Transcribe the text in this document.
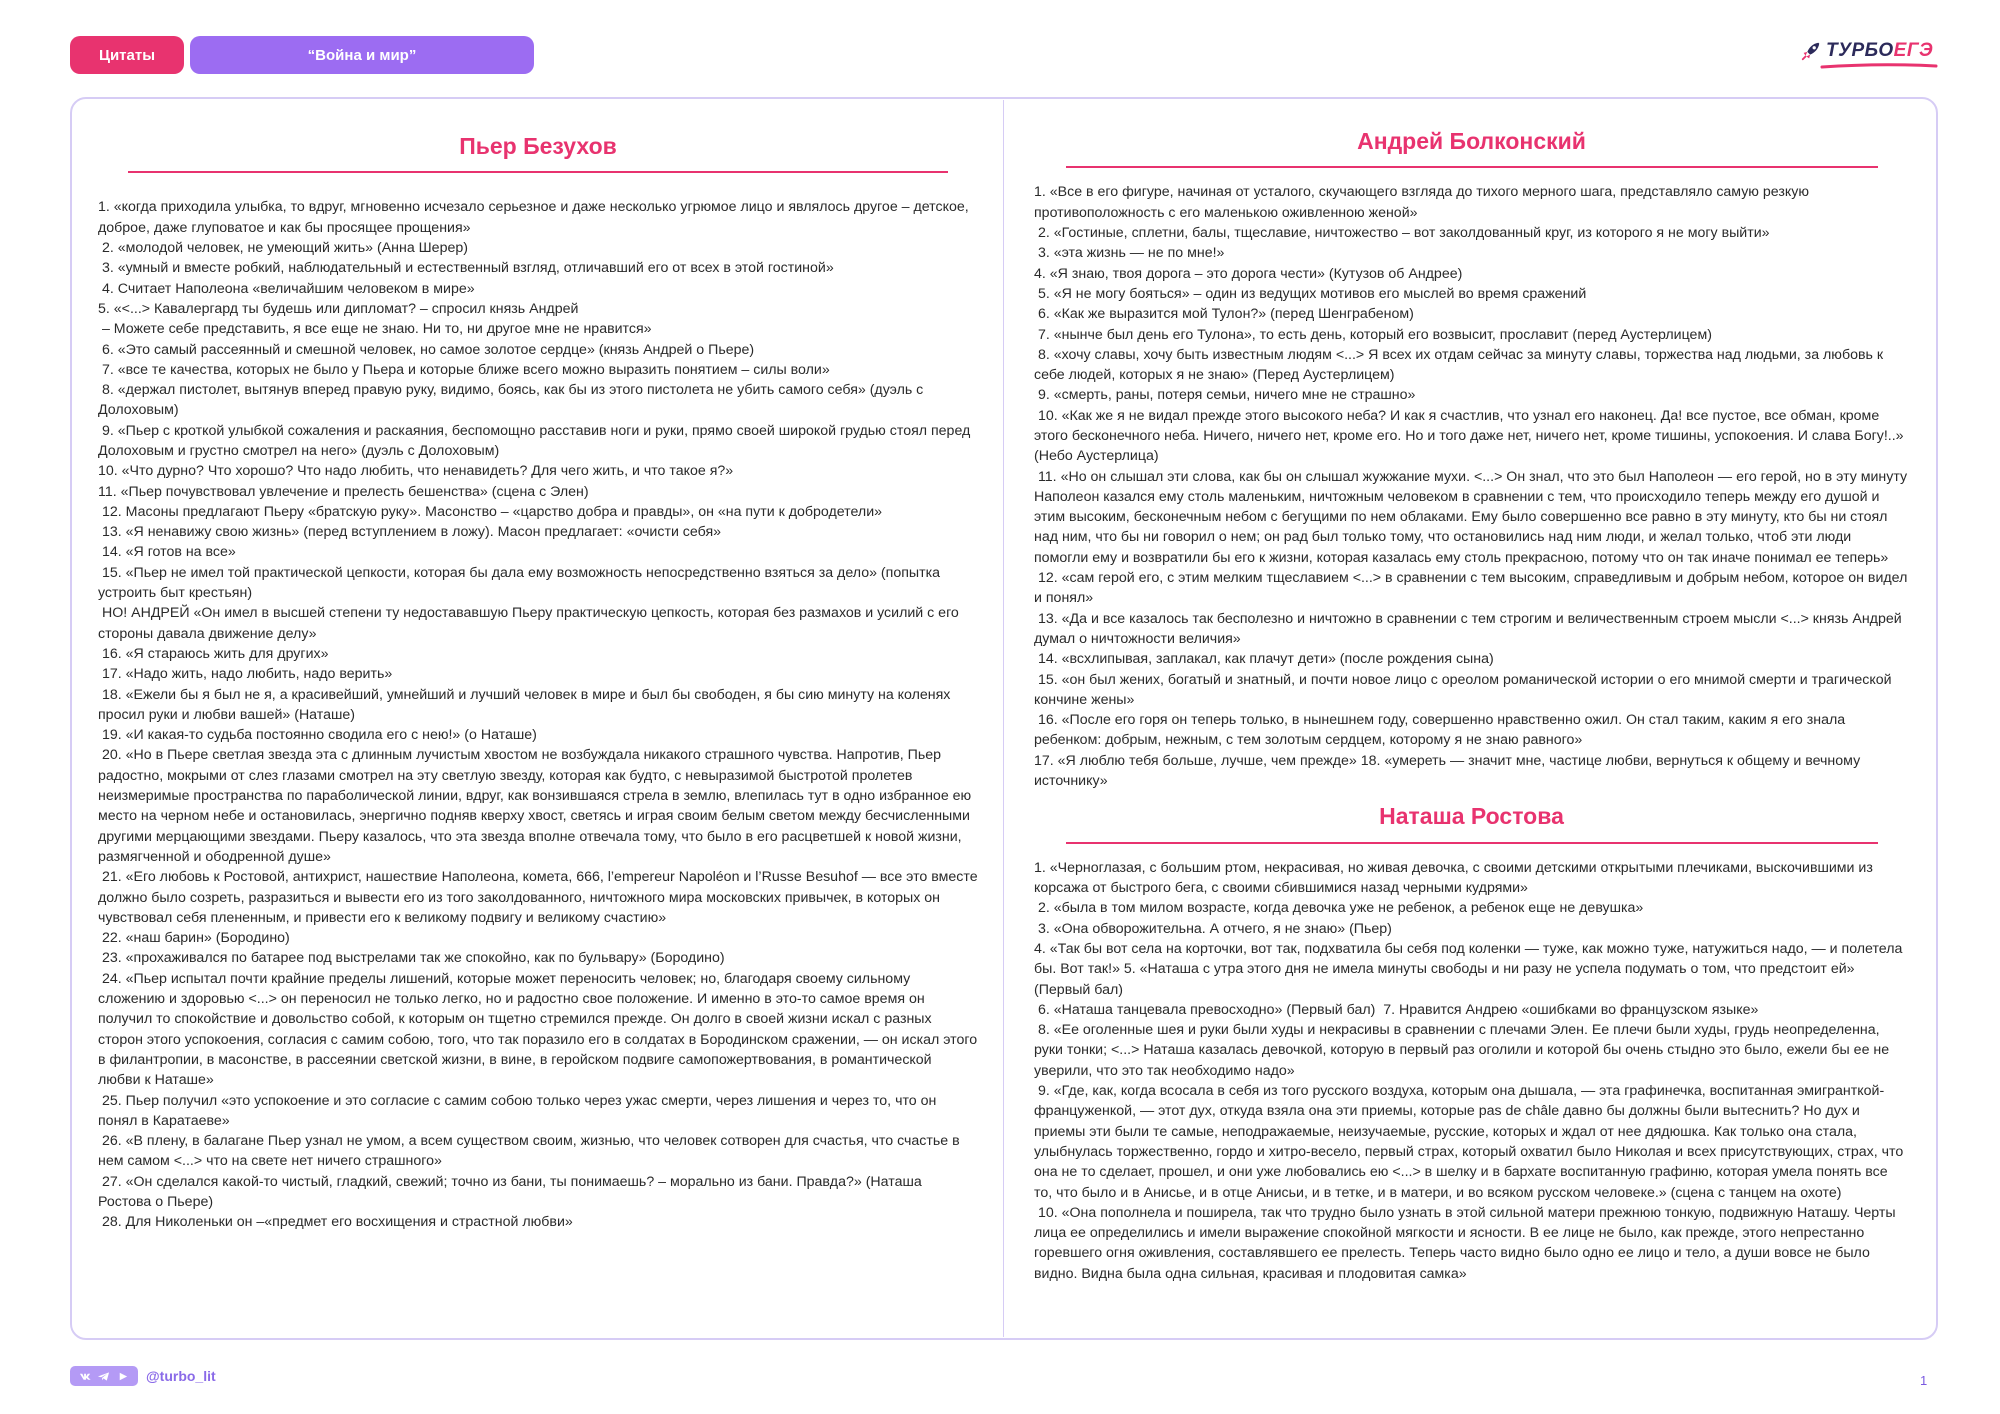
Цитаты	“Война и мир”	ТУРБОЕГЭ
Пьер Безухов
1. «когда приходила улыбка, то вдруг, мгновенно исчезало серьезное и даже несколько угрюмое лицо и являлось другое – детское, доброе, даже глуповатое и как бы просящее прощения»
2. «молодой человек, не умеющий жить» (Анна Шерер)
3. «умный и вместе робкий, наблюдательный и естественный взгляд, отличавший его от всех в этой гостиной»
4. Считает Наполеона «величайшим человеком в мире»
5. «<...> Кавалергард ты будешь или дипломат? – спросил князь Андрей
– Можете себе представить, я все еще не знаю. Ни то, ни другое мне не нравится»
6. «Это самый рассеянный и смешной человек, но самое золотое сердце» (князь Андрей о Пьере)
7. «все те качества, которых не было у Пьера и которые ближе всего можно выразить понятием – силы воли»
8. «держал пистолет, вытянув вперед правую руку, видимо, боясь, как бы из этого пистолета не убить самого себя» (дуэль с Долоховым)
9. «Пьер с кроткой улыбкой сожаления и раскаяния, беспомощно расставив ноги и руки, прямо своей широкой грудью стоял перед Долоховым и грустно смотрел на него» (дуэль с Долоховым)
10. «Что дурно? Что хорошо? Что надо любить, что ненавидеть? Для чего жить, и что такое я?»
11. «Пьер почувствовал увлечение и прелесть бешенства» (сцена с Элен)
12. Масоны предлагают Пьеру «братскую руку». Масонство – «царство добра и правды», он «на пути к добродетели»
13. «Я ненавижу свою жизнь» (перед вступлением в ложу). Масон предлагает: «очисти себя»
14. «Я готов на все»
15. «Пьер не имел той практической цепкости, которая бы дала ему возможность непосредственно взяться за дело» (попытка устроить быт крестьян)
НО! АНДРЕЙ «Он имел в высшей степени ту недостававшую Пьеру практическую цепкость, которая без размахов и усилий с его стороны давала движение делу»
16. «Я стараюсь жить для других»
17. «Надо жить, надо любить, надо верить»
18. «Ежели бы я был не я, а красивейший, умнейший и лучший человек в мире и был бы свободен, я бы сию минуту на коленях просил руки и любви вашей» (Наташе)
19. «И какая-то судьба постоянно сводила его с нею!» (о Наташе)
20. «Но в Пьере светлая звезда эта с длинным лучистым хвостом не возбуждала никакого страшного чувства. Напротив, Пьер радостно, мокрыми от слез глазами смотрел на эту светлую звезду, которая как будто, с невыразимой быстротой пролетев неизмеримые пространства по параболической линии, вдруг, как вонзившаяся стрела в землю, влепилась тут в одно избранное ею место на черном небе и остановилась, энергично подняв кверху хвост, светясь и играя своим белым светом между бесчисленными другими мерцающими звездами. Пьеру казалось, что эта звезда вполне отвечала тому, что было в его расцветшей к новой жизни, размягченной и ободренной душе»
21. «Его любовь к Ростовой, антихрист, нашествие Наполеона, комета, 666, l’empereur Napoléon и l’Russe Besuhof — все это вместе должно было созреть, разразиться и вывести его из того заколдованного, ничтожного мира московских привычек, в которых он чувствовал себя плененным, и привести его к великому подвигу и великому счастию»
22. «наш барин» (Бородино)
23. «прохаживался по батарее под выстрелами так же спокойно, как по бульвару» (Бородино)
24. «Пьер испытал почти крайние пределы лишений, которые может переносить человек; но, благодаря своему сильному сложению и здоровью <...> он переносил не только легко, но и радостно свое положение. И именно в это-то самое время он получил то спокойствие и довольство собой, к которым он тщетно стремился прежде. Он долго в своей жизни искал с разных сторон этого успокоения, согласия с самим собою, того, что так поразило его в солдатах в Бородинском сражении, — он искал этого в филантропии, в масонстве, в рассеянии светской жизни, в вине, в геройском подвиге самопожертвования, в романтической любви к Наташе»
25. Пьер получил «это успокоение и это согласие с самим собою только через ужас смерти, через лишения и через то, что он понял в Каратаеве»
26. «В плену, в балагане Пьер узнал не умом, а всем существом своим, жизнью, что человек сотворен для счастья, что счастье в нем самом <...> что на свете нет ничего страшного»
27. «Он сделался какой-то чистый, гладкий, свежий; точно из бани, ты понимаешь? – морально из бани. Правда?» (Наташа Ростова о Пьере)
28. Для Николеньки он –«предмет его восхищения и страстной любви»
Андрей Болконский
1. «Все в его фигуре, начиная от усталого, скучающего взгляда до тихого мерного шага, представляло самую резкую противоположность с его маленькою оживленною женой»
2. «Гостиные, сплетни, балы, тщеславие, ничтожество – вот заколдованный круг, из которого я не могу выйти»
3. «эта жизнь — не по мне!»
4. «Я знаю, твоя дорога – это дорога чести» (Кутузов об Андрее)
5. «Я не могу бояться» – один из ведущих мотивов его мыслей во время сражений
6. «Как же выразится мой Тулон?» (перед Шенграбеном)
7. «нынче был день его Тулона», то есть день, который его возвысит, прославит (перед Аустерлицем)
8. «хочу славы, хочу быть известным людям <...> Я всех их отдам сейчас за минуту славы, торжества над людьми, за любовь к себе людей, которых я не знаю» (Перед Аустерлицем)
9. «смерть, раны, потеря семьи, ничего мне не страшно»
10. «Как же я не видал прежде этого высокого неба? И как я счастлив, что узнал его наконец. Да! все пустое, все обман, кроме этого бесконечного неба. Ничего, ничего нет, кроме его. Но и того даже нет, ничего нет, кроме тишины, успокоения. И слава Богу!..» (Небо Аустерлица)
11. «Но он слышал эти слова, как бы он слышал жужжание мухи. <...> Он знал, что это был Наполеон — его герой, но в эту минуту Наполеон казался ему столь маленьким, ничтожным человеком в сравнении с тем, что происходило теперь между его душой и этим высоким, бесконечным небом с бегущими по нем облаками. Ему было совершенно все равно в эту минуту, кто бы ни стоял над ним, что бы ни говорил о нем; он рад был только тому, что остановились над ним люди, и желал только, чтоб эти люди помогли ему и возвратили бы его к жизни, которая казалась ему столь прекрасною, потому что он так иначе понимал ее теперь»
12. «сам герой его, с этим мелким тщеславием <...> в сравнении с тем высоким, справедливым и добрым небом, которое он видел и понял»
13. «Да и все казалось так бесполезно и ничтожно в сравнении с тем строгим и величественным строем мысли <...> князь Андрей думал о ничтожности величия»
14. «всхлипывая, заплакал, как плачут дети» (после рождения сына)
15. «он был жених, богатый и знатный, и почти новое лицо с ореолом романической истории о его мнимой смерти и трагической кончине жены»
16. «После его горя он теперь только, в нынешнем году, совершенно нравственно ожил. Он стал таким, каким я его знала ребенком: добрым, нежным, с тем золотым сердцем, которому я не знаю равного»
17. «Я люблю тебя больше, лучше, чем прежде» 18. «умереть — значит мне, частице любви, вернуться к общему и вечному источнику»
Наташа Ростова
1. «Черноглазая, с большим ртом, некрасивая, но живая девочка, с своими детскими открытыми плечиками, выскочившими из корсажа от быстрого бега, с своими сбившимися назад черными кудрями»
2. «была в том милом возрасте, когда девочка уже не ребенок, а ребенок еще не девушка»
3. «Она обворожительна. А отчего, я не знаю» (Пьер)
4. «Так бы вот села на корточки, вот так, подхватила бы себя под коленки — туже, как можно туже, натужиться надо, — и полетела бы. Вот так!» 5. «Наташа с утра этого дня не имела минуты свободы и ни разу не успела подумать о том, что предстоит ей» (Первый бал)
6. «Наташа танцевала превосходно» (Первый бал)  7. Нравится Андрею «ошибками во французском языке»
8. «Ее оголенные шея и руки были худы и некрасивы в сравнении с плечами Элен. Ее плечи были худы, грудь неопределенна, руки тонки; <...> Наташа казалась девочкой, которую в первый раз оголили и которой бы очень стыдно это было, ежели бы ее не уверили, что это так необходимо надо»
9. «Где, как, когда всосала в себя из того русского воздуха, которым она дышала, — эта графинечка, воспитанная эмигранткой-француженкой, — этот дух, откуда взяла она эти приемы, которые pas de châle давно бы должны были вытеснить? Но дух и приемы эти были те самые, неподражаемые, неизучаемые, русские, которых и ждал от нее дядюшка. Как только она стала, улыбнулась торжественно, гордо и хитро-весело, первый страх, который охватил было Николая и всех присутствующих, страх, что она не то сделает, прошел, и они уже любовались ею <...> в шелку и в бархате воспитанную графиню, которая умела понять все то, что было и в Анисье, и в отце Анисьи, и в тетке, и в матери, и во всяком русском человеке.» (сцена с танцем на охоте)
10. «Она пополнела и поширела, так что трудно было узнать в этой сильной матери прежнюю тонкую, подвижную Наташу. Черты лица ее определились и имели выражение спокойной мягкости и ясности. В ее лице не было, как прежде, этого непрестанно горевшего огня оживления, составлявшего ее прелесть. Теперь часто видно было одно ее лицо и тело, а души вовсе не было видно. Видна была одна сильная, красивая и плодовитая самка»
@turbo_lit	1
